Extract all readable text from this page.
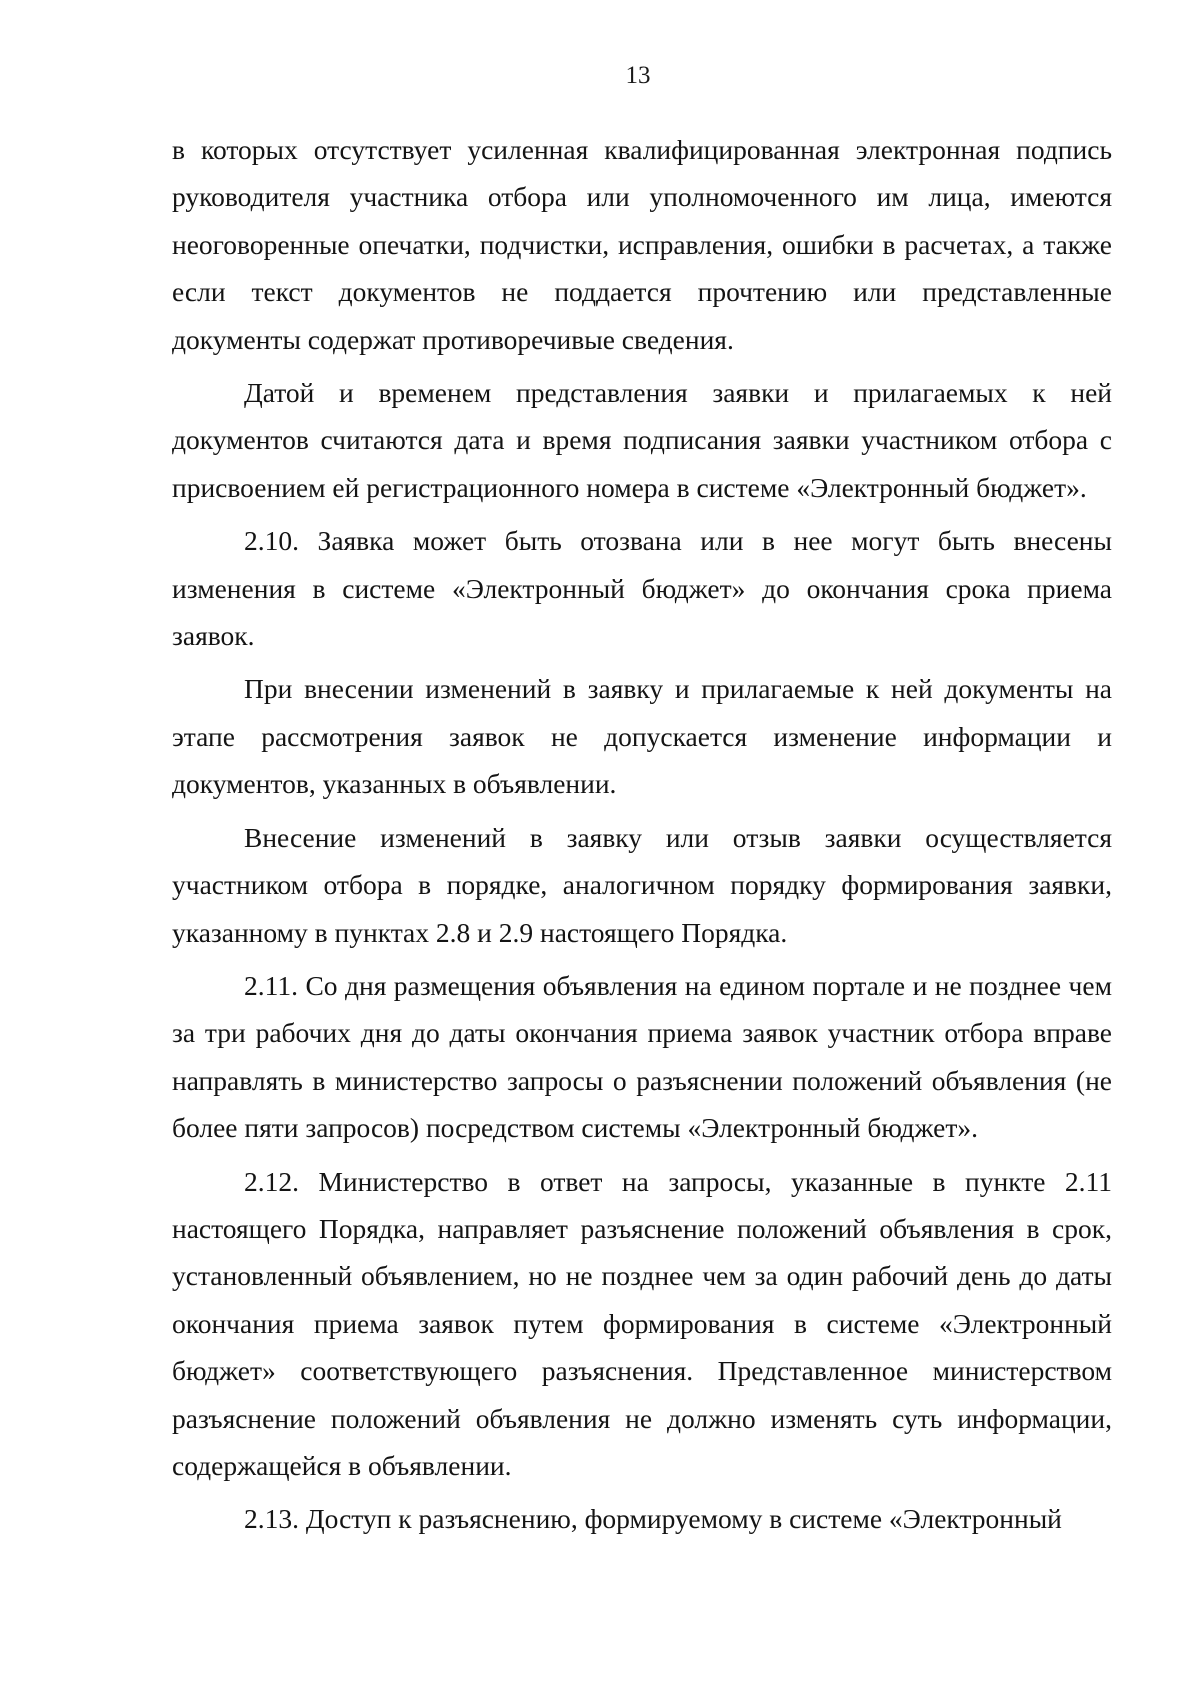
13

в которых отсутствует усиленная квалифицированная электронная подпись руководителя участника отбора или уполномоченного им лица, имеются неоговоренные опечатки, подчистки, исправления, ошибки в расчетах, а также если текст документов не поддается прочтению или представленные документы содержат противоречивые сведения.

Датой и временем представления заявки и прилагаемых к ней документов считаются дата и время подписания заявки участником отбора с присвоением ей регистрационного номера в системе «Электронный бюджет».

2.10. Заявка может быть отозвана или в нее могут быть внесены изменения в системе «Электронный бюджет» до окончания срока приема заявок.

При внесении изменений в заявку и прилагаемые к ней документы на этапе рассмотрения заявок не допускается изменение информации и документов, указанных в объявлении.

Внесение изменений в заявку или отзыв заявки осуществляется участником отбора в порядке, аналогичном порядку формирования заявки, указанному в пунктах 2.8 и 2.9 настоящего Порядка.

2.11. Со дня размещения объявления на едином портале и не позднее чем за три рабочих дня до даты окончания приема заявок участник отбора вправе направлять в министерство запросы о разъяснении положений объявления (не более пяти запросов) посредством системы «Электронный бюджет».

2.12. Министерство в ответ на запросы, указанные в пункте 2.11 настоящего Порядка, направляет разъяснение положений объявления в срок, установленный объявлением, но не позднее чем за один рабочий день до даты окончания приема заявок путем формирования в системе «Электронный бюджет» соответствующего разъяснения. Представленное министерством разъяснение положений объявления не должно изменять суть информации, содержащейся в объявлении.

2.13. Доступ к разъяснению, формируемому в системе «Электронный
